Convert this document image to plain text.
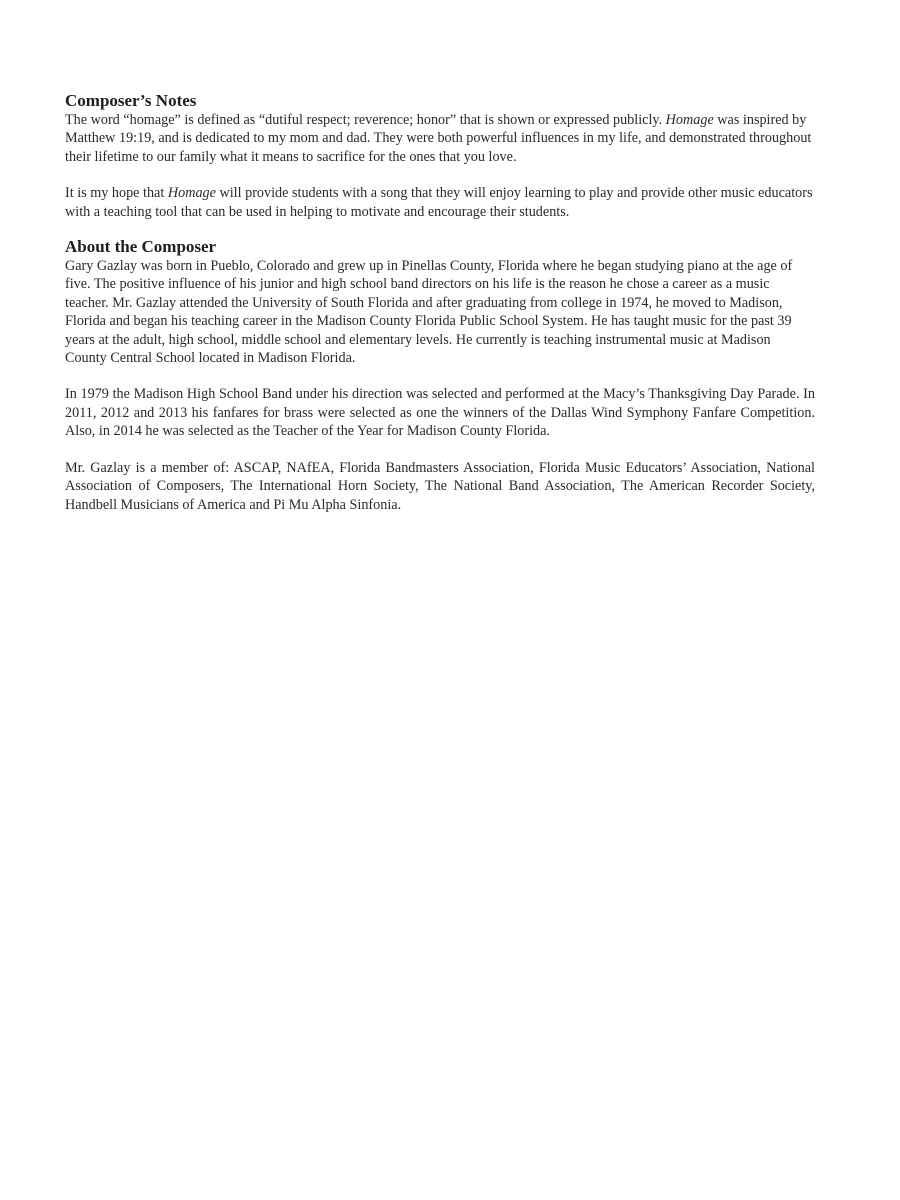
Composer’s Notes

The word “homage” is defined as “dutiful respect; reverence; honor” that is shown or expressed publicly. Homage was inspired by Matthew 19:19, and is dedicated to my mom and dad. They were both powerful influences in my life, and demonstrated throughout their lifetime to our family what it means to sacrifice for the ones that you love.

It is my hope that Homage will provide students with a song that they will enjoy learning to play and provide other music educators with a teaching tool that can be used in helping to motivate and encourage their students.

About the Composer

Gary Gazlay was born in Pueblo, Colorado and grew up in Pinellas County, Florida where he began studying piano at the age of five. The positive influence of his junior and high school band directors on his life is the reason he chose a career as a music teacher. Mr. Gazlay attended the University of South Florida and after graduating from college in 1974, he moved to Madison, Florida and began his teaching career in the Madison County Florida Public School System. He has taught music for the past 39 years at the adult, high school, middle school and elementary levels. He currently is teaching instrumental music at Madison County Central School located in Madison Florida.

In 1979 the Madison High School Band under his direction was selected and performed at the Macy’s Thanksgiving Day Parade. In 2011, 2012 and 2013 his fanfares for brass were selected as one the winners of the Dallas Wind Symphony Fanfare Competition. Also, in 2014 he was selected as the Teacher of the Year for Madison County Florida.

Mr. Gazlay is a member of: ASCAP, NAfEA, Florida Bandmasters Association, Florida Music Educators’ Association, National Association of Composers, The International Horn Society, The National Band Association, The American Recorder Society, Handbell Musicians of America and Pi Mu Alpha Sinfonia.
